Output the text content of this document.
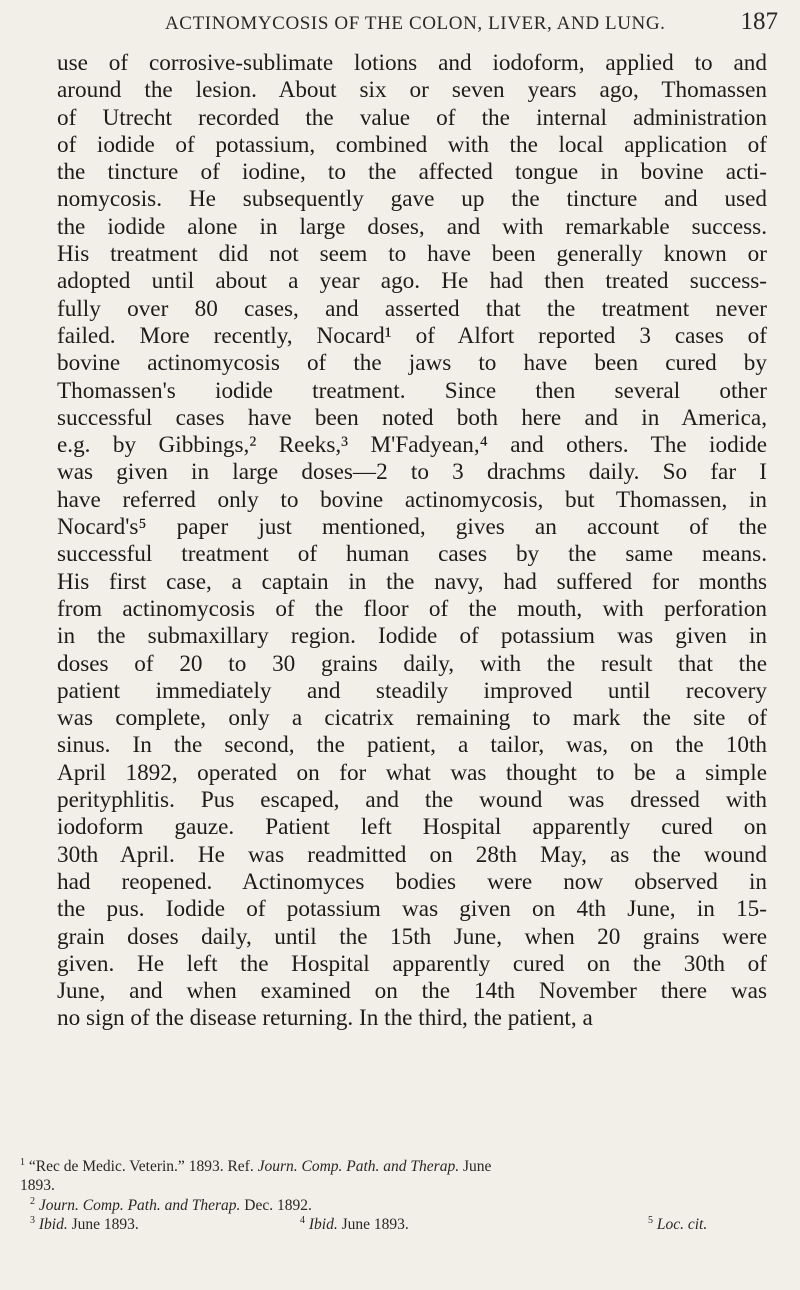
ACTINOMYCOSIS OF THE COLON, LIVER, AND LUNG.	187
use of corrosive-sublimate lotions and iodoform, applied to and
around the lesion. About six or seven years ago, Thomassen
of Utrecht recorded the value of the internal administration
of iodide of potassium, combined with the local application of
the tincture of iodine, to the affected tongue in bovine acti-
nomycosis. He subsequently gave up the tincture and used
the iodide alone in large doses, and with remarkable success.
His treatment did not seem to have been generally known or
adopted until about a year ago. He had then treated success-
fully over 80 cases, and asserted that the treatment never
failed. More recently, Nocard¹ of Alfort reported 3 cases of
bovine actinomycosis of the jaws to have been cured by
Thomassen's iodide treatment. Since then several other
successful cases have been noted both here and in America,
e.g. by Gibbings,² Reeks,³ M'Fadyean,⁴ and others. The iodide
was given in large doses—2 to 3 drachms daily. So far I
have referred only to bovine actinomycosis, but Thomassen, in
Nocard's⁵ paper just mentioned, gives an account of the
successful treatment of human cases by the same means.
His first case, a captain in the navy, had suffered for months
from actinomycosis of the floor of the mouth, with perforation
in the submaxillary region. Iodide of potassium was given in
doses of 20 to 30 grains daily, with the result that the
patient immediately and steadily improved until recovery
was complete, only a cicatrix remaining to mark the site of
sinus. In the second, the patient, a tailor, was, on the 10th
April 1892, operated on for what was thought to be a simple
perityphlitis. Pus escaped, and the wound was dressed with
iodoform gauze. Patient left Hospital apparently cured on
30th April. He was readmitted on 28th May, as the wound
had reopened. Actinomyces bodies were now observed in
the pus. Iodide of potassium was given on 4th June, in 15-
grain doses daily, until the 15th June, when 20 grains were
given. He left the Hospital apparently cured on the 30th of
June, and when examined on the 14th November there was
no sign of the disease returning. In the third, the patient, a
$^1$ “Rec de Medic. Veterin.” 1893. Ref. Journ. Comp. Path. and Therap. June
1893.
$^2$ Journ. Comp. Path. and Therap. Dec. 1892.
$^3$ Ibid. June 1893.	$^4$ Ibid. June 1893.	$^5$ Loc. cit.
